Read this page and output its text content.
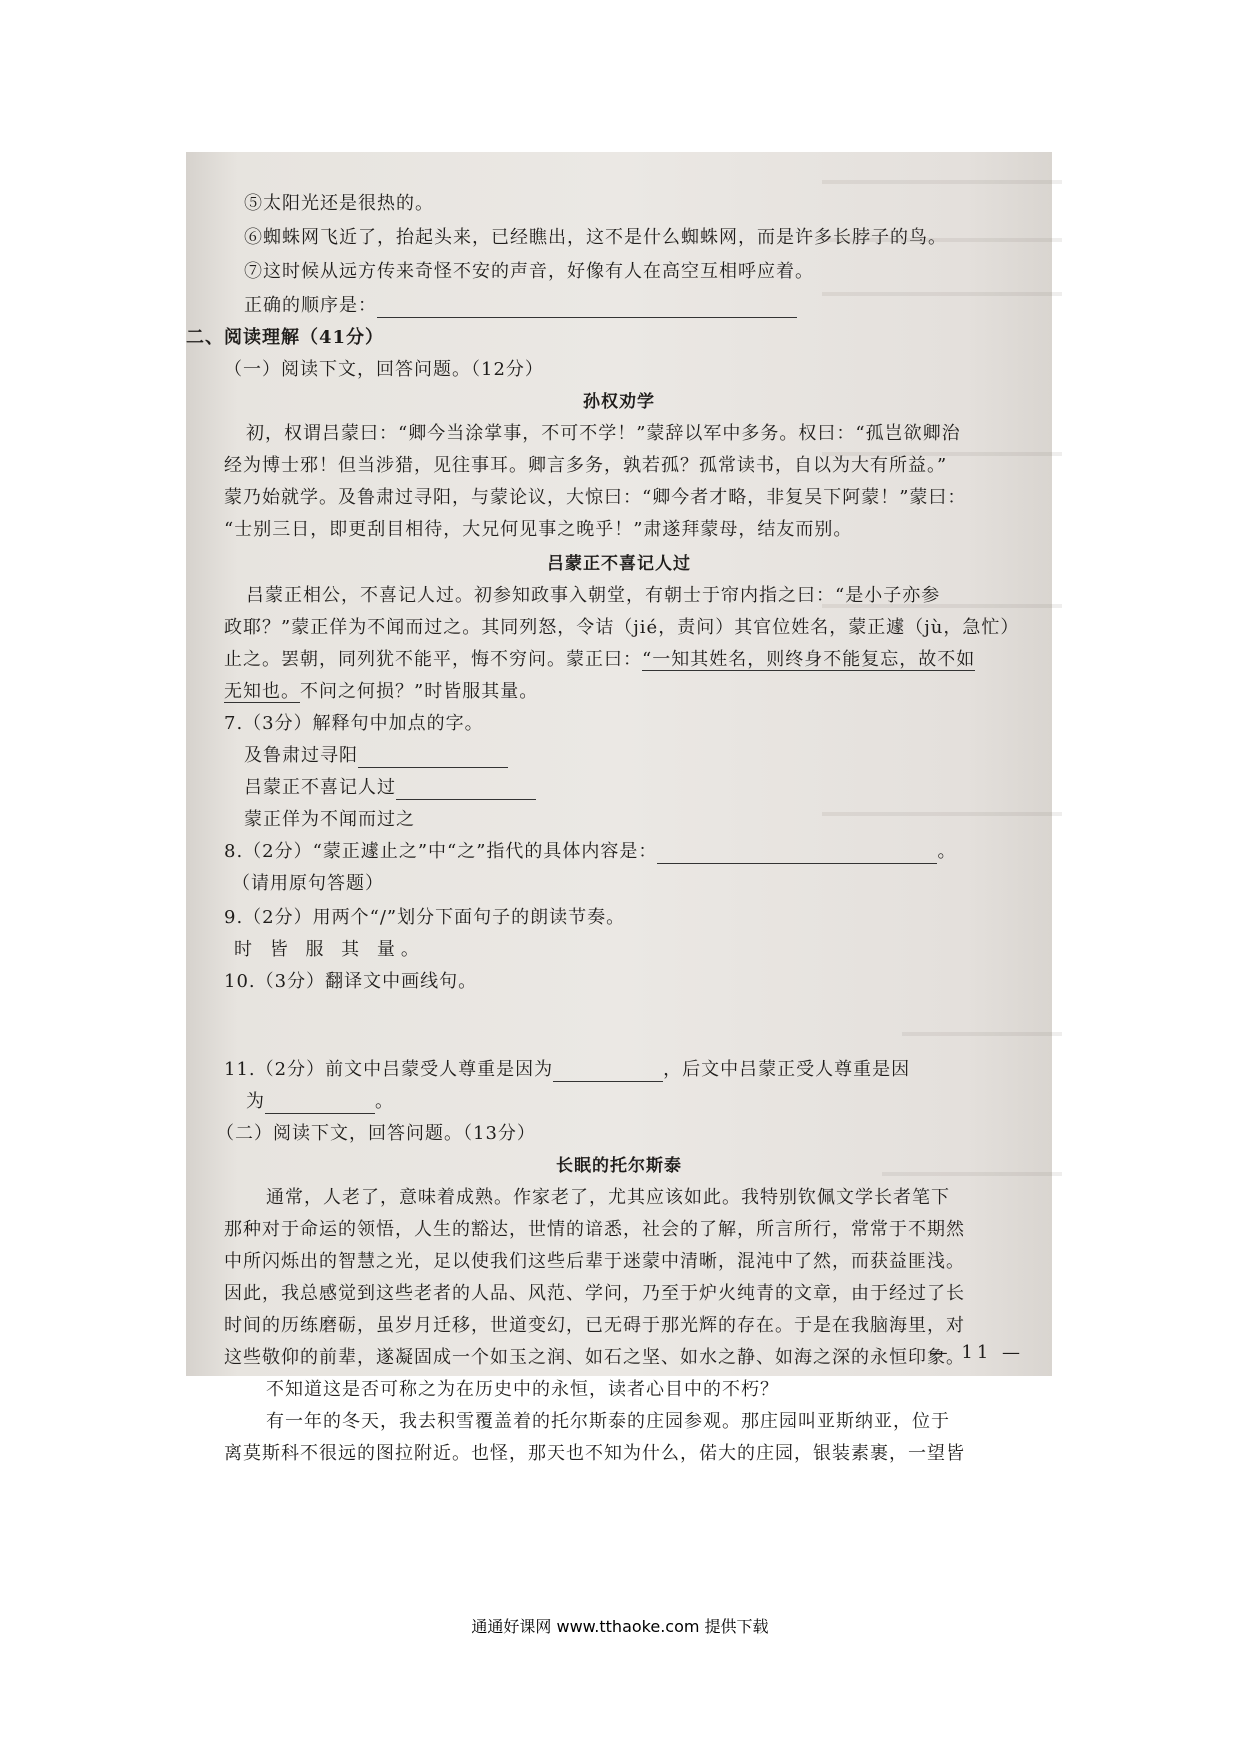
⑤太阳光还是很热的。
⑥蜘蛛网飞近了，抬起头来，已经瞧出，这不是什么蜘蛛网，而是许多长脖子的鸟。
⑦这时候从远方传来奇怪不安的声音，好像有人在高空互相呼应着。
正确的顺序是：
二、阅读理解（41分）
（一）阅读下文，回答问题。（12分）
孙权劝学
初，权谓吕蒙曰：“卿今当涂掌事，不可不学！”蒙辞以军中多务。权曰：“孤岂欲卿治
经为博士邪！但当涉猎，见往事耳。卿言多务，孰若孤？孤常读书，自以为大有所益。”
蒙乃始就学。及鲁肃过寻阳，与蒙论议，大惊曰：“卿今者才略，非复吴下阿蒙！”蒙曰：
“士别三日，即更刮目相待，大兄何见事之晚乎！”肃遂拜蒙母，结友而别。
吕蒙正不喜记人过
吕蒙正相公，不喜记人过。初参知政事入朝堂，有朝士于帘内指之曰：“是小子亦参
政耶？”蒙正佯为不闻而过之。其同列怒，令诘（jié，责问）其官位姓名，蒙正遽（jù，急忙）
止之。罢朝，同列犹不能平，悔不穷问。蒙正曰：“一知其姓名，则终身不能复忘，故不如
无知也。不问之何损？”时皆服其量。
7.（3分）解释句中加点的字。
及鲁肃过寻阳
吕蒙正不喜记人过
蒙正佯为不闻而过之
8.（2分）“蒙正遽止之”中“之”指代的具体内容是：	。
（请用原句答题）
9.（2分）用两个“/”划分下面句子的朗读节奏。
时 皆 服 其 量。
10.（3分）翻译文中画线句。
11.（2分）前文中吕蒙受人尊重是因为	，后文中吕蒙正受人尊重是因
为	。
（二）阅读下文，回答问题。（13分）
长眠的托尔斯泰
通常，人老了，意味着成熟。作家老了，尤其应该如此。我特别钦佩文学长者笔下
那种对于命运的领悟，人生的豁达，世情的谙悉，社会的了解，所言所行，常常于不期然
中所闪烁出的智慧之光，足以使我们这些后辈于迷蒙中清晰，混沌中了然，而获益匪浅。
因此，我总感觉到这些老者的人品、风范、学问，乃至于炉火纯青的文章，由于经过了长
时间的历练磨砺，虽岁月迁移，世道变幻，已无碍于那光辉的存在。于是在我脑海里，对
这些敬仰的前辈，遂凝固成一个如玉之润、如石之坚、如水之静、如海之深的永恒印象。
不知道这是否可称之为在历史中的永恒，读者心目中的不朽？
有一年的冬天，我去积雪覆盖着的托尔斯泰的庄园参观。那庄园叫亚斯纳亚，位于
离莫斯科不很远的图拉附近。也怪，那天也不知为什么，偌大的庄园，银装素裹，一望皆
— 11 —
通通好课网 www.tthaoke.com 提供下载
